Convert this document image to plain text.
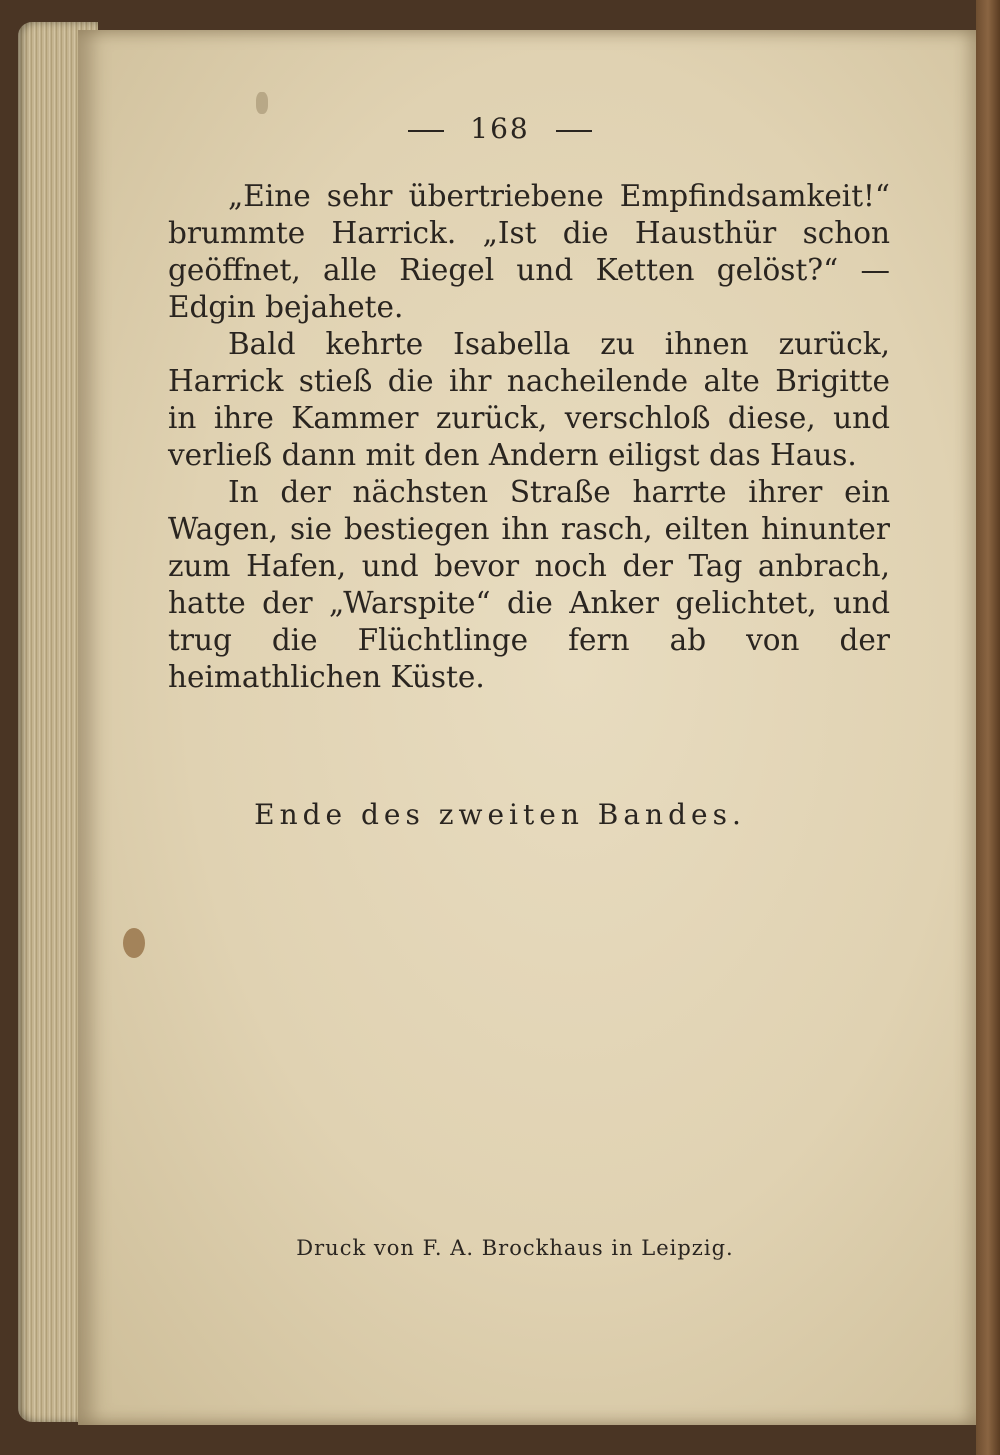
168

„Eine sehr übertriebene Empfindsamkeit!“ brummte Harrick. „Ist die Hausthür schon geöffnet, alle Riegel und Ketten gelöst?“ — Edgin bejahete.

Bald kehrte Isabella zu ihnen zurück, Harrick stieß die ihr nacheilende alte Brigitte in ihre Kammer zurück, verschloß diese, und verließ dann mit den Andern eiligst das Haus.

In der nächsten Straße harrte ihrer ein Wagen, sie bestiegen ihn rasch, eilten hinunter zum Hafen, und bevor noch der Tag anbrach, hatte der „Warspite“ die Anker gelichtet, und trug die Flüchtlinge fern ab von der heimathlichen Küste.

Ende des zweiten Bandes.
Druck von F. A. Brockhaus in Leipzig.
